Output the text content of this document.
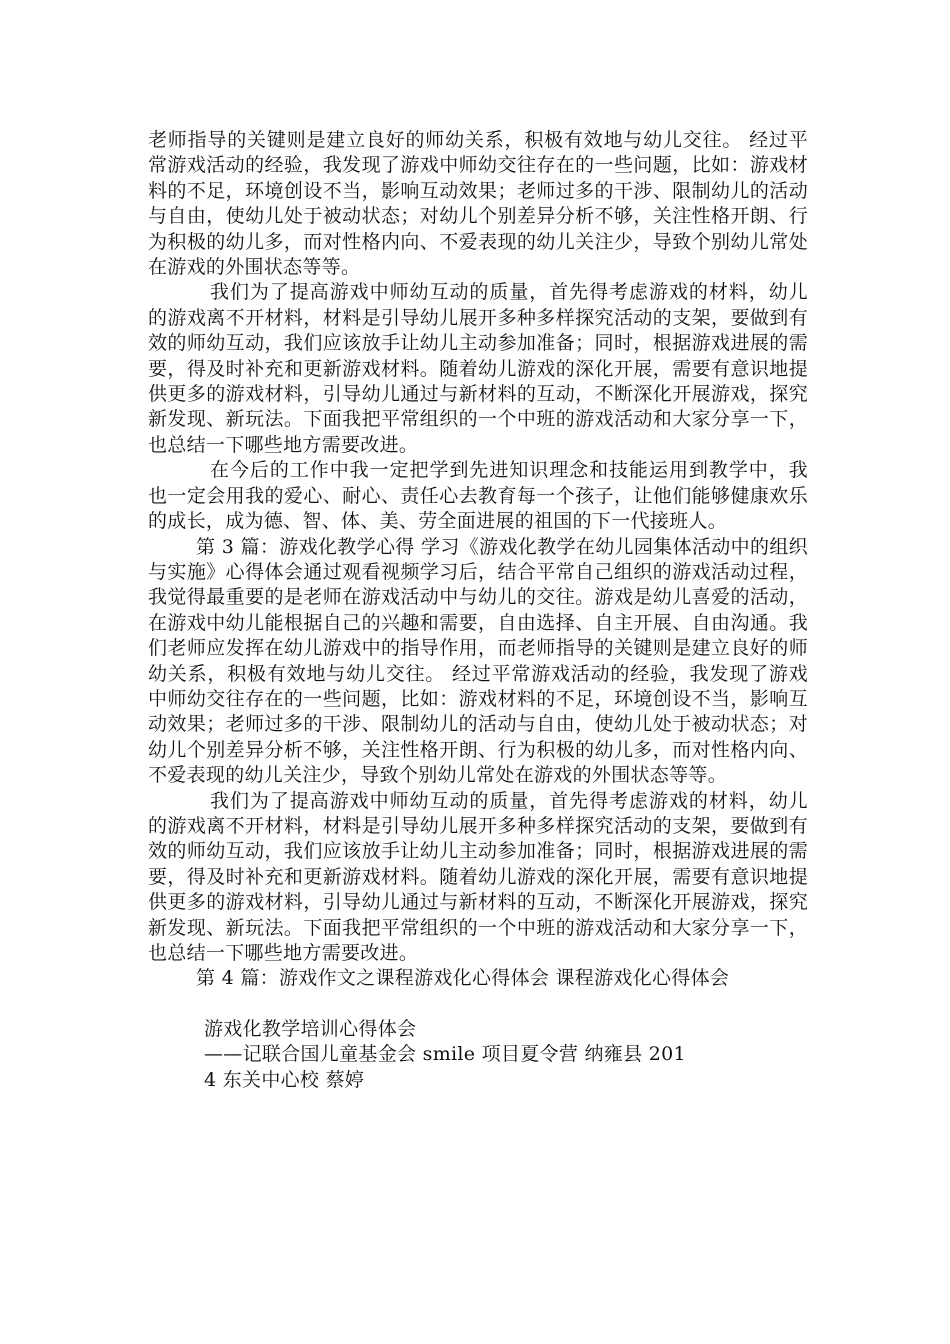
老师指导的关键则是建立良好的师幼关系，积极有效地与幼儿交往。 经过平常游戏活动的经验，我发现了游戏中师幼交往存在的一些问题，比如：游戏材料的不足，环境创设不当，影响互动效果；老师过多的干涉、限制幼儿的活动与自由，使幼儿处于被动状态；对幼儿个别差异分析不够，关注性格开朗、行为积极的幼儿多，而对性格内向、不爱表现的幼儿关注少，导致个别幼儿常处在游戏的外围状态等等。

我们为了提高游戏中师幼互动的质量，首先得考虑游戏的材料，幼儿的游戏离不开材料，材料是引导幼儿展开多种多样探究活动的支架，要做到有效的师幼互动，我们应该放手让幼儿主动参加准备；同时，根据游戏进展的需要，得及时补充和更新游戏材料。随着幼儿游戏的深化开展，需要有意识地提供更多的游戏材料，引导幼儿通过与新材料的互动，不断深化开展游戏，探究新发现、新玩法。下面我把平常组织的一个中班的游戏活动和大家分享一下，也总结一下哪些地方需要改进。

在今后的工作中我一定把学到先进知识理念和技能运用到教学中，我也一定会用我的爱心、耐心、责任心去教育每一个孩子，让他们能够健康欢乐的成长，成为德、智、体、美、劳全面进展的祖国的下一代接班人。

第 3 篇：游戏化教学心得 学习《游戏化教学在幼儿园集体活动中的组织与实施》心得体会通过观看视频学习后，结合平常自己组织的游戏活动过程，我觉得最重要的是老师在游戏活动中与幼儿的交往。游戏是幼儿喜爱的活动，在游戏中幼儿能根据自己的兴趣和需要，自由选择、自主开展、自由沟通。我们老师应发挥在幼儿游戏中的指导作用，而老师指导的关键则是建立良好的师幼关系，积极有效地与幼儿交往。 经过平常游戏活动的经验，我发现了游戏中师幼交往存在的一些问题，比如：游戏材料的不足，环境创设不当，影响互动效果；老师过多的干涉、限制幼儿的活动与自由，使幼儿处于被动状态；对幼儿个别差异分析不够，关注性格开朗、行为积极的幼儿多，而对性格内向、不爱表现的幼儿关注少，导致个别幼儿常处在游戏的外围状态等等。

我们为了提高游戏中师幼互动的质量，首先得考虑游戏的材料，幼儿的游戏离不开材料，材料是引导幼儿展开多种多样探究活动的支架，要做到有效的师幼互动，我们应该放手让幼儿主动参加准备；同时，根据游戏进展的需要，得及时补充和更新游戏材料。随着幼儿游戏的深化开展，需要有意识地提供更多的游戏材料，引导幼儿通过与新材料的互动，不断深化开展游戏，探究新发现、新玩法。下面我把平常组织的一个中班的游戏活动和大家分享一下，也总结一下哪些地方需要改进。

第 4 篇：游戏作文之课程游戏化心得体会 课程游戏化心得体会

游戏化教学培训心得体会

——记联合国儿童基金会 smile 项目夏令营 纳雍县 201

4 东关中心校 蔡婷
